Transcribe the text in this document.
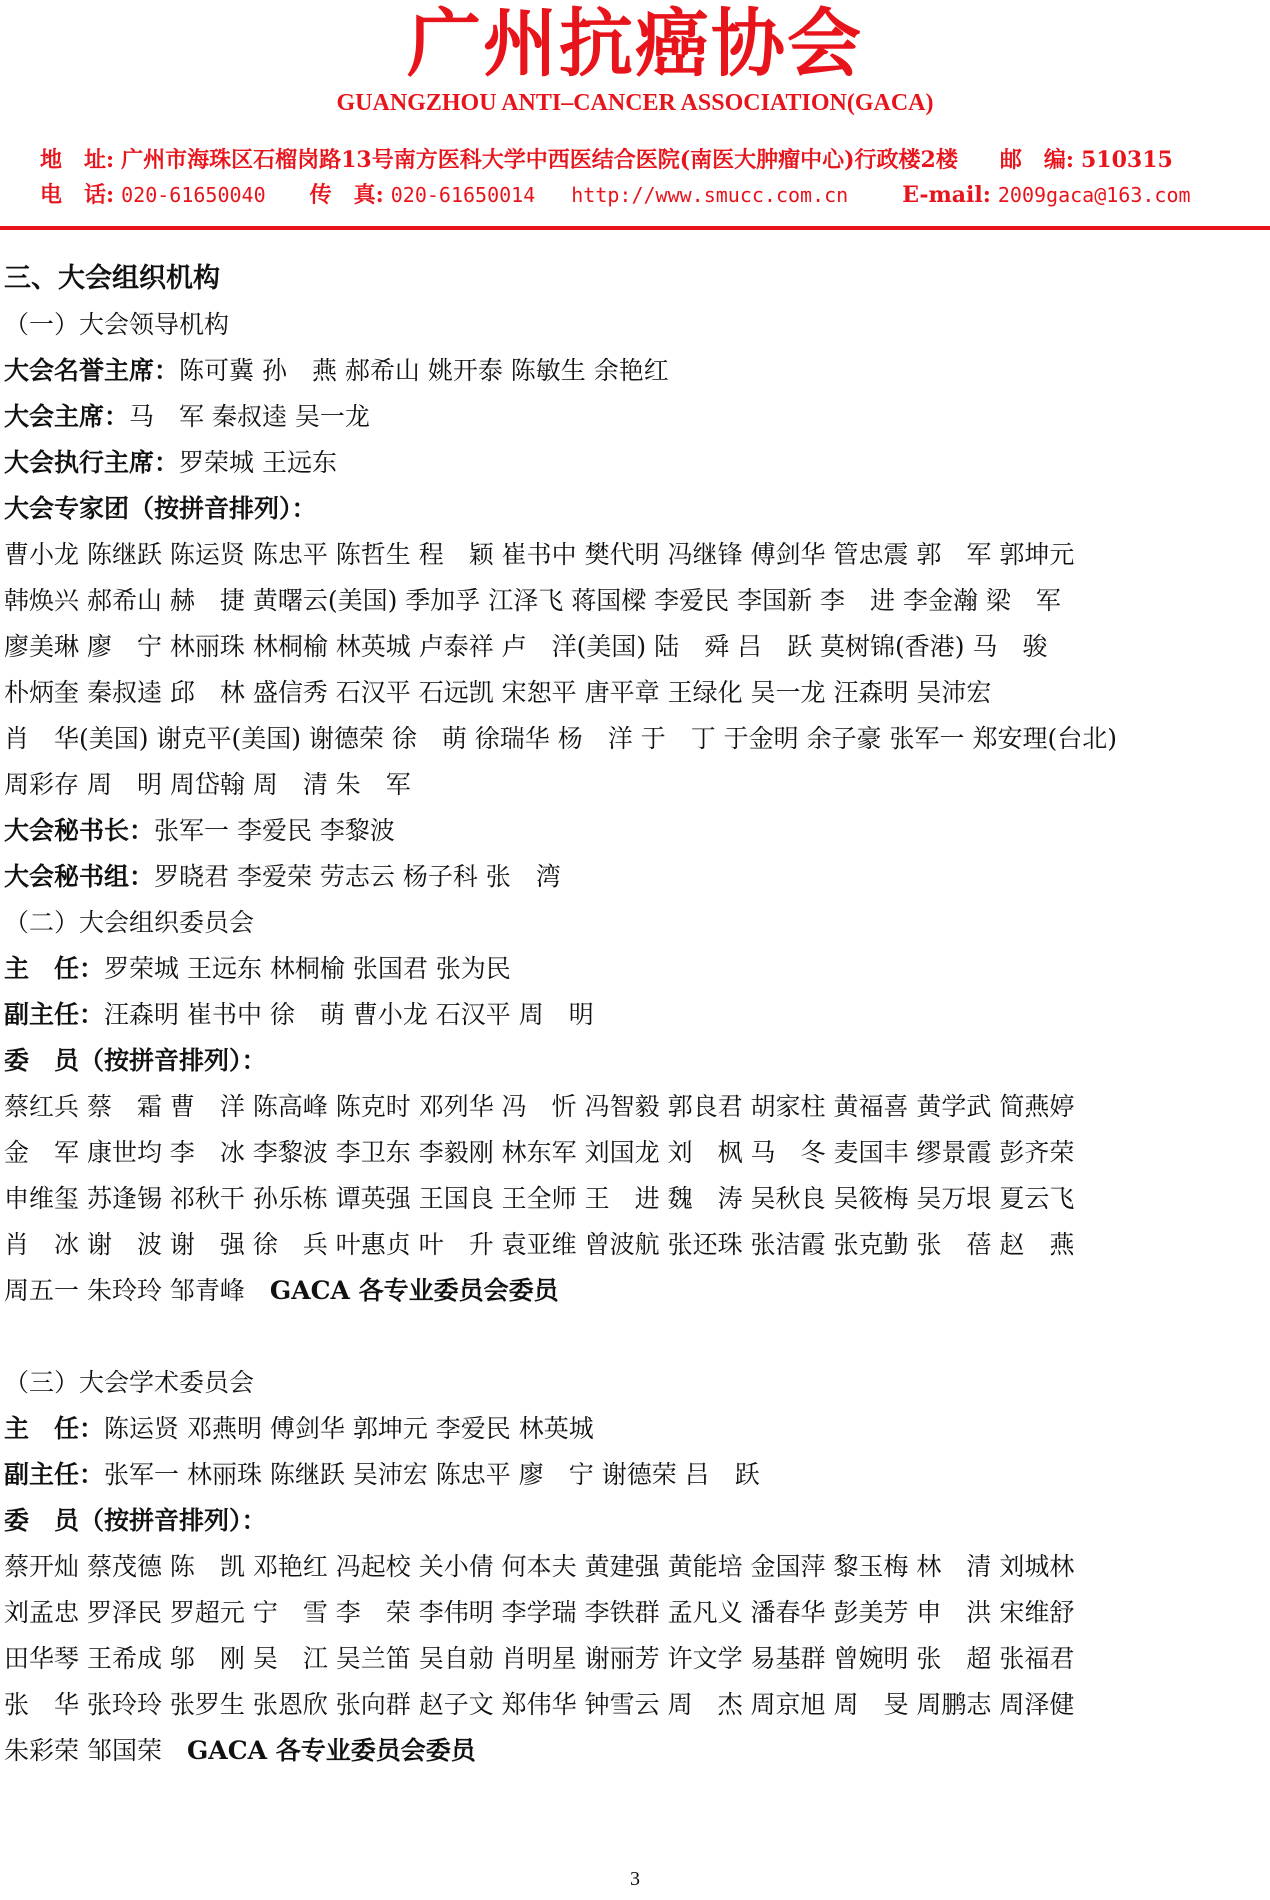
广州抗癌协会
GUANGZHOU ANTI–CANCER ASSOCIATION(GACA)
地　址: 广州市海珠区石榴岗路13号南方医科大学中西医结合医院(南医大肿瘤中心)行政楼2楼 邮　编: 510315
电　话: 020-61650040 传　真: 020-61650014 http://www.smucc.com.cn E-mail: 2009gaca@163.com
三、大会组织机构
（一）大会领导机构
大会名誉主席：陈可冀 孙　燕 郝希山 姚开泰 陈敏生 余艳红
大会主席：马　军 秦叔逵 吴一龙
大会执行主席：罗荣城 王远东
大会专家团（按拼音排列）：
曹小龙 陈继跃 陈运贤 陈忠平 陈哲生 程　颖 崔书中 樊代明 冯继锋 傅剑华 管忠震 郭　军 郭坤元
韩焕兴 郝希山 赫　捷 黄曙云(美国) 季加孚 江泽飞 蒋国樑 李爱民 李国新 李　进 李金瀚 梁　军
廖美琳 廖　宁 林丽珠 林桐榆 林英城 卢泰祥 卢　洋(美国) 陆　舜 吕　跃 莫树锦(香港) 马　骏
朴炳奎 秦叔逵 邱　林 盛信秀 石汉平 石远凯 宋恕平 唐平章 王绿化 吴一龙 汪森明 吴沛宏
肖　华(美国) 谢克平(美国) 谢德荣 徐　萌 徐瑞华 杨　洋 于　丁 于金明 余子豪 张军一 郑安理(台北)
周彩存 周　明 周岱翰 周　清 朱　军
大会秘书长：张军一 李爱民 李黎波
大会秘书组：罗晓君 李爱荣 劳志云 杨子科 张　湾
（二）大会组织委员会
主　任：罗荣城 王远东 林桐榆 张国君 张为民
副主任：汪森明 崔书中 徐　萌 曹小龙 石汉平 周　明
委　员（按拼音排列）：
蔡红兵 蔡　霜 曹　洋 陈高峰 陈克时 邓列华 冯　忻 冯智毅 郭良君 胡家柱 黄福喜 黄学武 简燕婷
金　军 康世均 李　冰 李黎波 李卫东 李毅刚 林东军 刘国龙 刘　枫 马　冬 麦国丰 缪景霞 彭齐荣
申维玺 苏逢锡 祁秋干 孙乐栋 谭英强 王国良 王全师 王　进 魏　涛 吴秋良 吴筱梅 吴万垠 夏云飞
肖　冰 谢　波 谢　强 徐　兵 叶惠贞 叶　升 袁亚维 曾波航 张还珠 张洁霞 张克勤 张　蓓 赵　燕
周五一 朱玲玲 邹青峰　GACA 各专业委员会委员
（三）大会学术委员会
主　任：陈运贤 邓燕明 傅剑华 郭坤元 李爱民 林英城
副主任：张军一 林丽珠 陈继跃 吴沛宏 陈忠平 廖　宁 谢德荣 吕　跃
委　员（按拼音排列）：
蔡开灿 蔡茂德 陈　凯 邓艳红 冯起校 关小倩 何本夫 黄建强 黄能培 金国萍 黎玉梅 林　清 刘城林
刘孟忠 罗泽民 罗超元 宁　雪 李　荣 李伟明 李学瑞 李铁群 孟凡义 潘春华 彭美芳 申　洪 宋维舒
田华琴 王希成 邬　刚 吴　江 吴兰笛 吴自勍 肖明星 谢丽芳 许文学 易基群 曾婉明 张　超 张福君
张　华 张玲玲 张罗生 张恩欣 张向群 赵子文 郑伟华 钟雪云 周　杰 周京旭 周　旻 周鹏志 周泽健
朱彩荣 邹国荣　GACA 各专业委员会委员
3
